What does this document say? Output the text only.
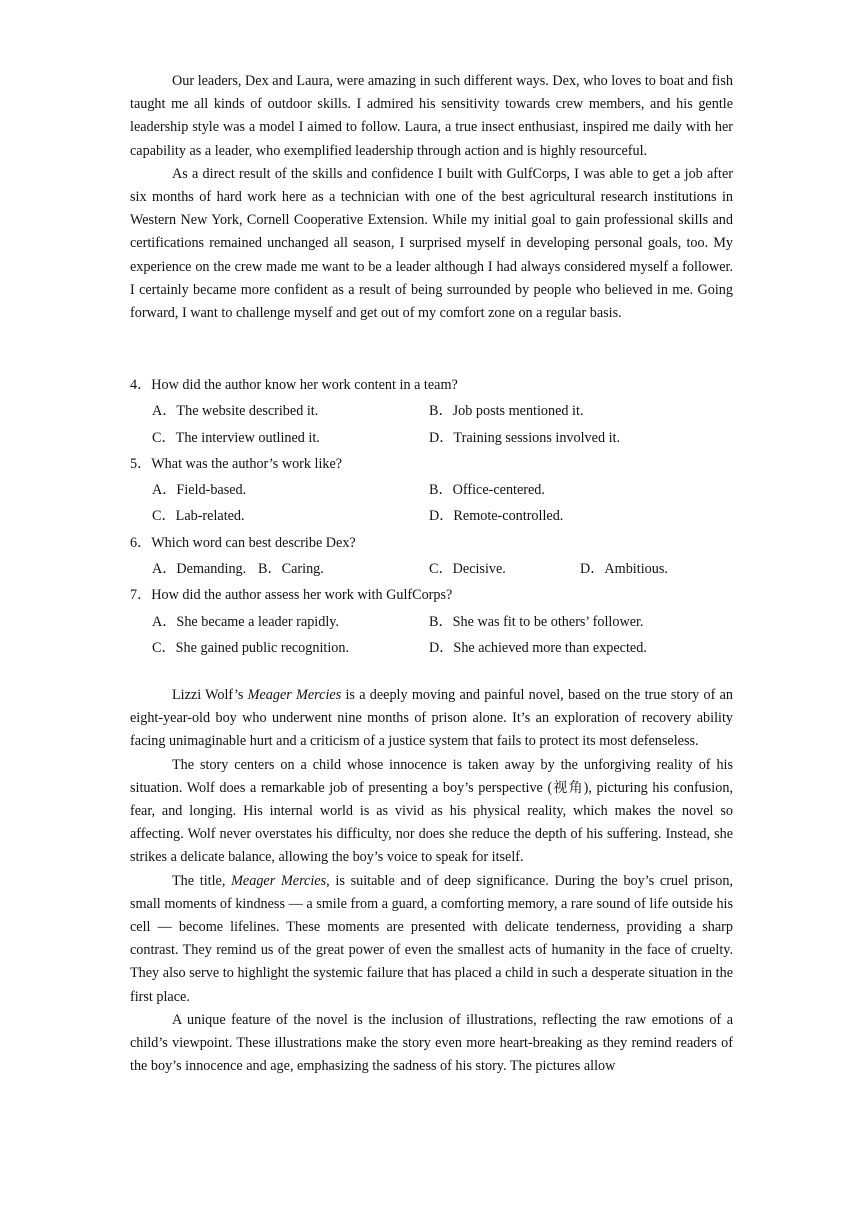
Our leaders, Dex and Laura, were amazing in such different ways. Dex, who loves to boat and fish taught me all kinds of outdoor skills. I admired his sensitivity towards crew members, and his gentle leadership style was a model I aimed to follow. Laura, a true insect enthusiast, inspired me daily with her capability as a leader, who exemplified leadership through action and is highly resourceful.

As a direct result of the skills and confidence I built with GulfCorps, I was able to get a job after six months of hard work here as a technician with one of the best agricultural research institutions in Western New York, Cornell Cooperative Extension. While my initial goal to gain professional skills and certifications remained unchanged all season, I surprised myself in developing personal goals, too. My experience on the crew made me want to be a leader although I had always considered myself a follower. I certainly became more confident as a result of being surrounded by people who believed in me. Going forward, I want to challenge myself and get out of my comfort zone on a regular basis.

4．How did the author know her work content in a team?

A．The website described it.	B．Job posts mentioned it.
C．The interview outlined it.	D．Training sessions involved it.

5．What was the author’s work like?

A．Field-based.	B．Office-centered.
C．Lab-related.	D．Remote-controlled.

6．Which word can best describe Dex?

A．Demanding. B．Caring.	C．Decisive.	D．Ambitious.

7．How did the author assess her work with GulfCorps?

A．She became a leader rapidly.	B．She was fit to be others’ follower.
C．She gained public recognition.	D．She achieved more than expected.

Lizzi Wolf’s Meager Mercies is a deeply moving and painful novel, based on the true story of an eight-year-old boy who underwent nine months of prison alone. It’s an exploration of recovery ability facing unimaginable hurt and a criticism of a justice system that fails to protect its most defenseless.

The story centers on a child whose innocence is taken away by the unforgiving reality of his situation. Wolf does a remarkable job of presenting a boy’s perspective (视角), picturing his confusion, fear, and longing. His internal world is as vivid as his physical reality, which makes the novel so affecting. Wolf never overstates his difficulty, nor does she reduce the depth of his suffering. Instead, she strikes a delicate balance, allowing the boy’s voice to speak for itself.

The title, Meager Mercies, is suitable and of deep significance. During the boy’s cruel prison, small moments of kindness — a smile from a guard, a comforting memory, a rare sound of life outside his cell — become lifelines. These moments are presented with delicate tenderness, providing a sharp contrast. They remind us of the great power of even the smallest acts of humanity in the face of cruelty. They also serve to highlight the systemic failure that has placed a child in such a desperate situation in the first place.

A unique feature of the novel is the inclusion of illustrations, reflecting the raw emotions of a child’s viewpoint. These illustrations make the story even more heart-breaking as they remind readers of the boy’s innocence and age, emphasizing the sadness of his story. The pictures allow
